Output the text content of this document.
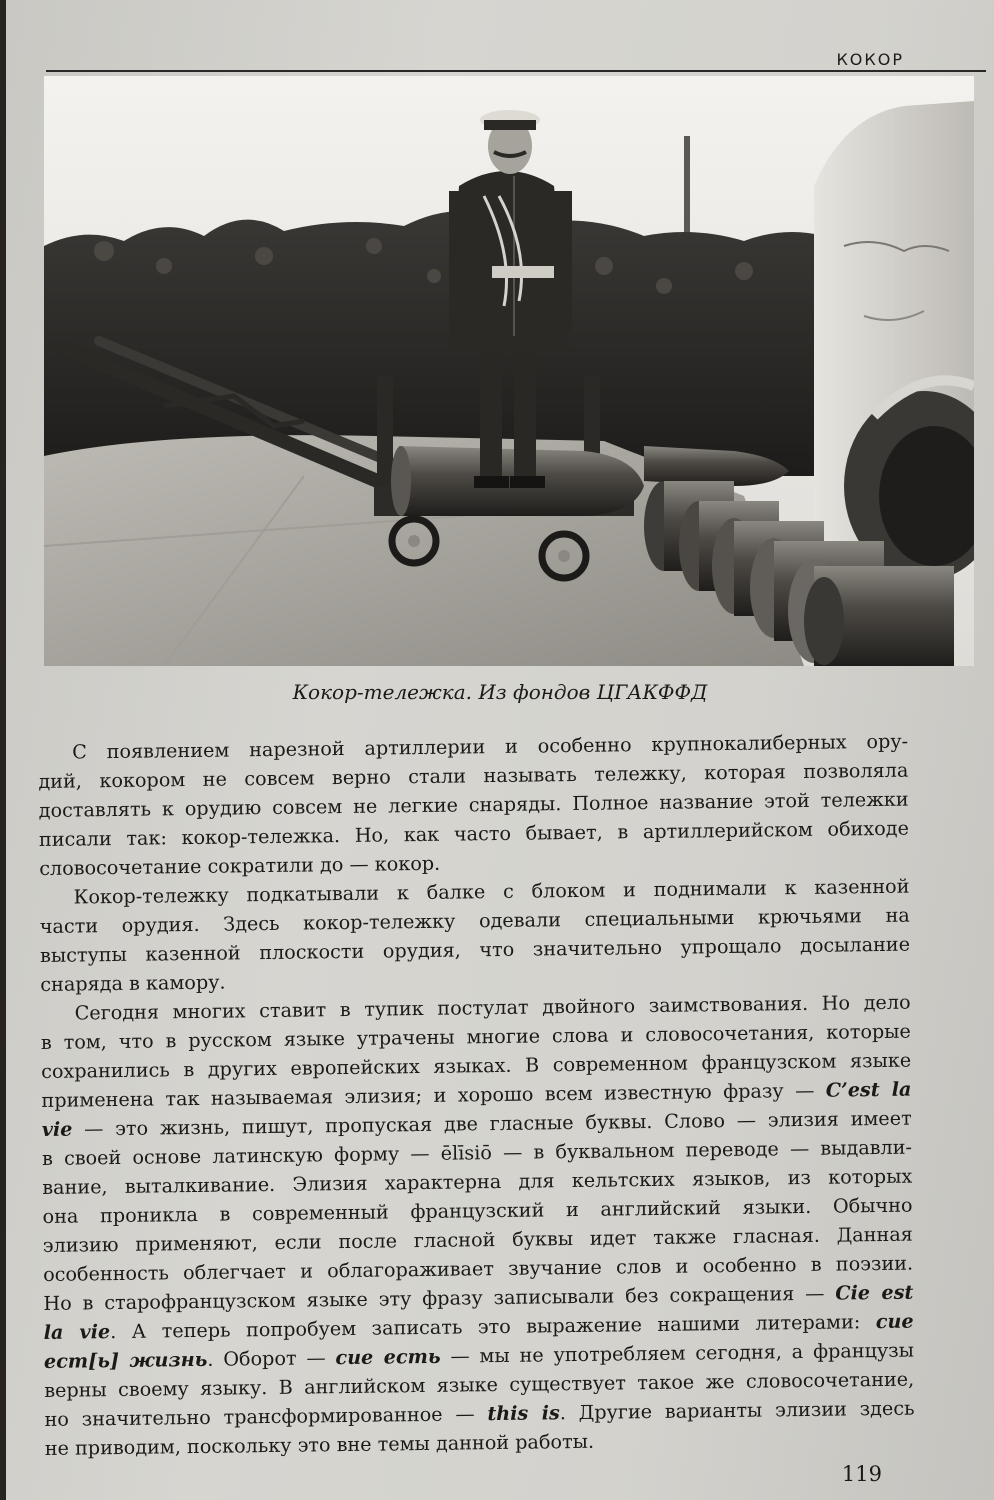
КОКОР
Кокор-тележка. Из фондов ЦГАКФФД

С появлением нарезной артиллерии и особенно крупнокалиберных ору-
дий, кокором не совсем верно стали называть тележку, которая позволяла
доставлять к орудию совсем не легкие снаряды. Полное название этой тележки
писали так: кокор-тележка. Но, как часто бывает, в артиллерийском обиходе
словосочетание сократили до — кокор.

Кокор-тележку подкатывали к балке с блоком и поднимали к казенной
части орудия. Здесь кокор-тележку одевали специальными крючьями на
выступы казенной плоскости орудия, что значительно упрощало досылание
снаряда в камору.

Сегодня многих ставит в тупик постулат двойного заимствования. Но дело
в том, что в русском языке утрачены многие слова и словосочетания, которые
сохранились в других европейских языках. В современном французском языке
применена так называемая элизия; и хорошо всем известную фразу — C’est la
vie — это жизнь, пишут, пропуская две гласные буквы. Слово — элизия имеет
в своей основе латинскую форму — ēlīsiō — в буквальном переводе — выдавли-
вание, выталкивание. Элизия характерна для кельтских языков, из которых
она проникла в современный французский и английский языки. Обычно
элизию применяют, если после гласной буквы идет также гласная. Данная
особенность облегчает и облагораживает звучание слов и особенно в поэзии.
Но в старофранцузском языке эту фразу записывали без сокращения — Cie est
la vie. А теперь попробуем записать это выражение нашими литерами: сие
ест[ь] жизнь. Оборот — сие есть — мы не употребляем сегодня, а французы
верны своему языку. В английском языке существует такое же словосочетание,
но значительно трансформированное — this is. Другие варианты элизии здесь
не приводим, поскольку это вне темы данной работы.

119
